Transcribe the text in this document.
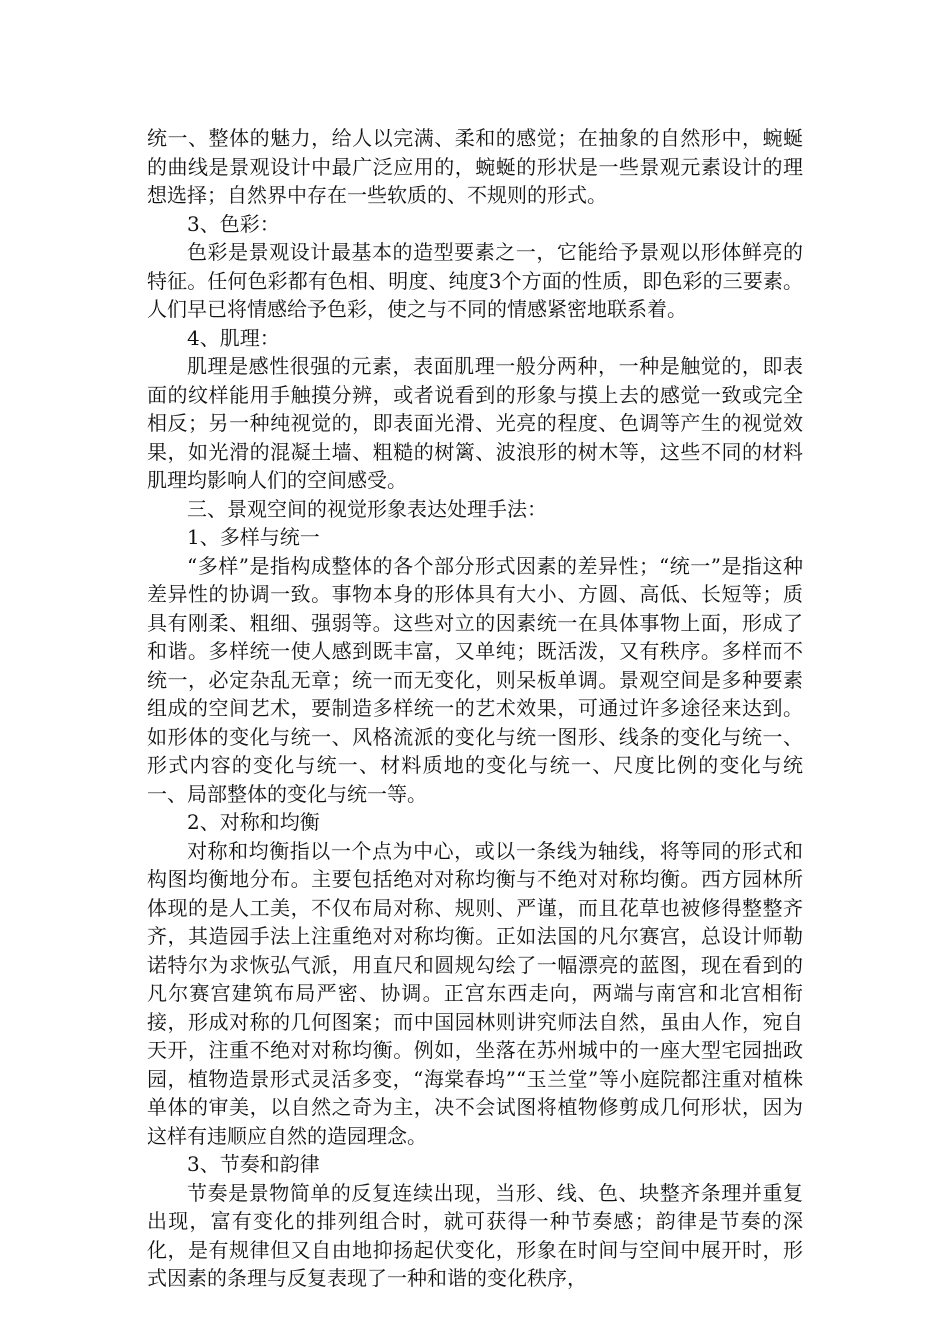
统一、整体的魅力，给人以完满、柔和的感觉；在抽象的自然形中，蜿蜒的曲线是景观设计中最广泛应用的，蜿蜒的形状是一些景观元素设计的理想选择；自然界中存在一些软质的、不规则的形式。

3、色彩：

色彩是景观设计最基本的造型要素之一，它能给予景观以形体鲜亮的特征。任何色彩都有色相、明度、纯度3个方面的性质，即色彩的三要素。人们早已将情感给予色彩，使之与不同的情感紧密地联系着。

4、肌理：

肌理是感性很强的元素，表面肌理一般分两种，一种是触觉的，即表面的纹样能用手触摸分辨，或者说看到的形象与摸上去的感觉一致或完全相反；另一种纯视觉的，即表面光滑、光亮的程度、色调等产生的视觉效果，如光滑的混凝土墙、粗糙的树篱、波浪形的树木等，这些不同的材料肌理均影响人们的空间感受。

三、景观空间的视觉形象表达处理手法：

1、多样与统一

“多样”是指构成整体的各个部分形式因素的差异性；“统一”是指这种差异性的协调一致。事物本身的形体具有大小、方圆、高低、长短等；质具有刚柔、粗细、强弱等。这些对立的因素统一在具体事物上面，形成了和谐。多样统一使人感到既丰富，又单纯；既活泼，又有秩序。多样而不统一，必定杂乱无章；统一而无变化，则呆板单调。景观空间是多种要素组成的空间艺术，要制造多样统一的艺术效果，可通过许多途径来达到。如形体的变化与统一、风格流派的变化与统一图形、线条的变化与统一、形式内容的变化与统一、材料质地的变化与统一、尺度比例的变化与统一、局部整体的变化与统一等。

2、对称和均衡

对称和均衡指以一个点为中心，或以一条线为轴线，将等同的形式和构图均衡地分布。主要包括绝对对称均衡与不绝对对称均衡。西方园林所体现的是人工美，不仅布局对称、规则、严谨，而且花草也被修得整整齐齐，其造园手法上注重绝对对称均衡。正如法国的凡尔赛宫，总设计师勒诺特尔为求恢弘气派，用直尺和圆规勾绘了一幅漂亮的蓝图，现在看到的凡尔赛宫建筑布局严密、协调。正宫东西走向，两端与南宫和北宫相衔接，形成对称的几何图案；而中国园林则讲究师法自然，虽由人作，宛自天开，注重不绝对对称均衡。例如，坐落在苏州城中的一座大型宅园拙政园，植物造景形式灵活多变，“海棠春坞”“玉兰堂”等小庭院都注重对植株单体的审美，以自然之奇为主，决不会试图将植物修剪成几何形状，因为这样有违顺应自然的造园理念。

3、节奏和韵律

节奏是景物简单的反复连续出现，当形、线、色、块整齐条理并重复出现，富有变化的排列组合时，就可获得一种节奏感；韵律是节奏的深化，是有规律但又自由地抑扬起伏变化，形象在时间与空间中展开时，形式因素的条理与反复表现了一种和谐的变化秩序，
